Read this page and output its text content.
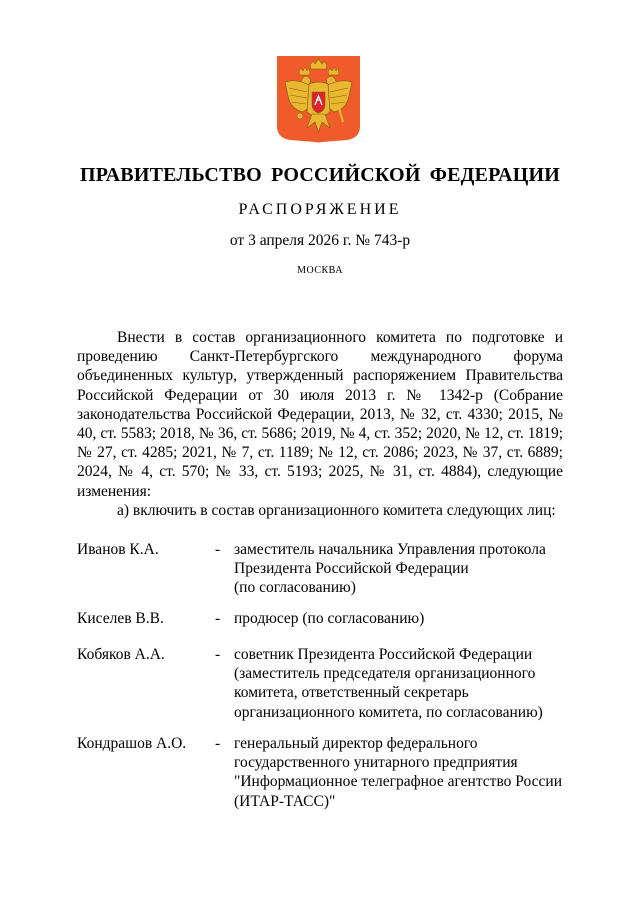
ПРАВИТЕЛЬСТВО РОССИЙСКОЙ ФЕДЕРАЦИИ
РАСПОРЯЖЕНИЕ
от 3 апреля 2026 г. № 743-р
МОСКВА

Внести в состав организационного комитета по подготовке и проведению Санкт-Петербургского международного форума объединенных культур, утвержденный распоряжением Правительства Российской Федерации от 30 июля 2013 г. № 1342-р (Собрание законодательства Российской Федерации, 2013, № 32, ст. 4330; 2015, № 40, ст. 5583; 2018, № 36, ст. 5686; 2019, № 4, ст. 352; 2020, № 12, ст. 1819; № 27, ст. 4285; 2021, № 7, ст. 1189; № 12, ст. 2086; 2023, № 37, ст. 6889; 2024, № 4, ст. 570; № 33, ст. 5193; 2025, № 31, ст. 4884), следующие изменения:

а) включить в состав организационного комитета следующих лиц:

Иванов К.А.	- заместитель начальника Управления протокола
Президента Российской Федерации
(по согласованию)
Киселев В.В.	- продюсер (по согласованию)
Кобяков А.А.	- советник Президента Российской Федерации
(заместитель председателя организационного
комитета, ответственный секретарь
организационного комитета, по согласованию)
Кондрашов А.О. - генеральный директор федерального
государственного унитарного предприятия
"Информационное телеграфное агентство России
(ИТАР-ТАСС)"
